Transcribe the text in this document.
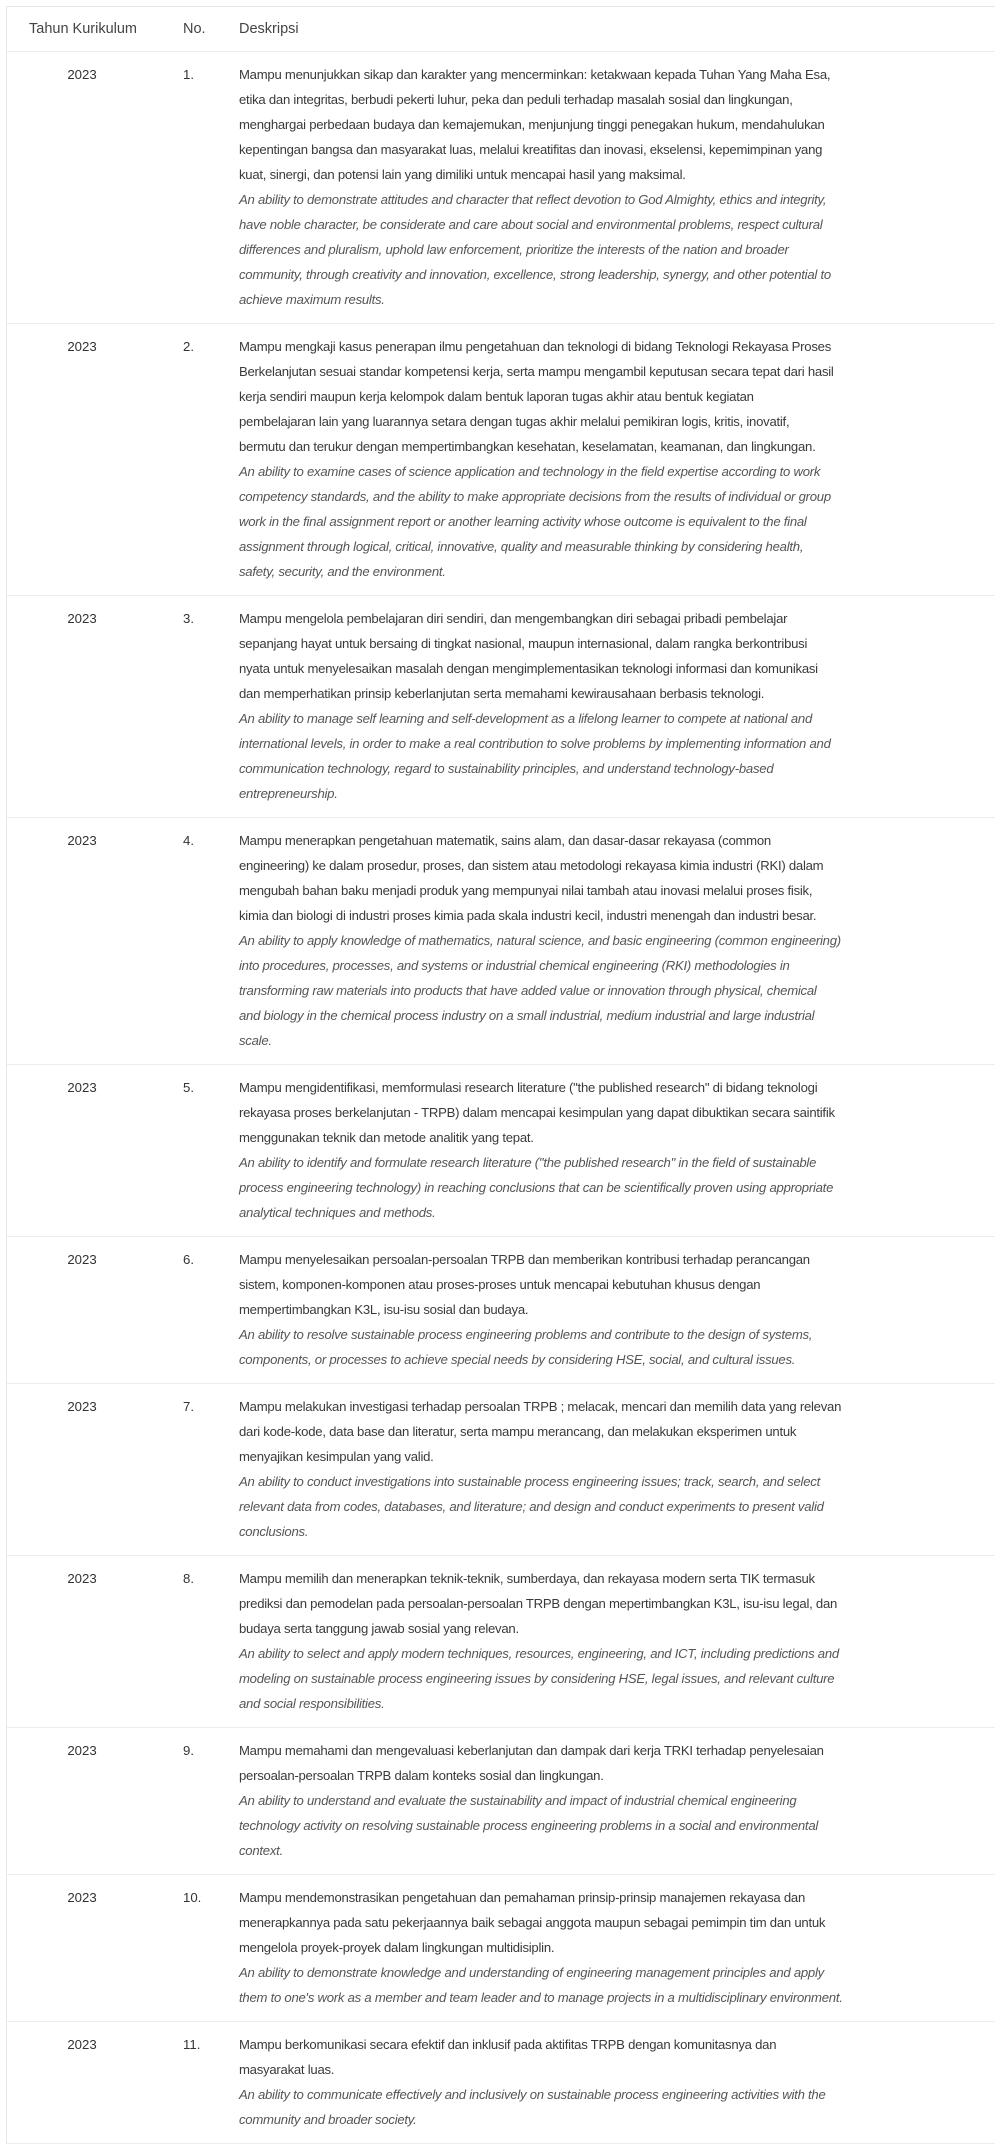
Tahun Kurikulum	No.	Deskripsi
2023	1.	Mampu menunjukkan sikap dan karakter yang mencerminkan: ketakwaan kepada Tuhan Yang Maha Esa,
etika dan integritas, berbudi pekerti luhur, peka dan peduli terhadap masalah sosial dan lingkungan,
menghargai perbedaan budaya dan kemajemukan, menjunjung tinggi penegakan hukum, mendahulukan
kepentingan bangsa dan masyarakat luas, melalui kreatifitas dan inovasi, ekselensi, kepemimpinan yang
kuat, sinergi, dan potensi lain yang dimiliki untuk mencapai hasil yang maksimal.
An ability to demonstrate attitudes and character that reflect devotion to God Almighty, ethics and integrity,
have noble character, be considerate and care about social and environmental problems, respect cultural
differences and pluralism, uphold law enforcement, prioritize the interests of the nation and broader
community, through creativity and innovation, excellence, strong leadership, synergy, and other potential to
achieve maximum results.
2023	2.	Mampu mengkaji kasus penerapan ilmu pengetahuan dan teknologi di bidang Teknologi Rekayasa Proses
Berkelanjutan sesuai standar kompetensi kerja, serta mampu mengambil keputusan secara tepat dari hasil
kerja sendiri maupun kerja kelompok dalam bentuk laporan tugas akhir atau bentuk kegiatan
pembelajaran lain yang luarannya setara dengan tugas akhir melalui pemikiran logis, kritis, inovatif,
bermutu dan terukur dengan mempertimbangkan kesehatan, keselamatan, keamanan, dan lingkungan.
An ability to examine cases of science application and technology in the field expertise according to work
competency standards, and the ability to make appropriate decisions from the results of individual or group
work in the final assignment report or another learning activity whose outcome is equivalent to the final
assignment through logical, critical, innovative, quality and measurable thinking by considering health,
safety, security, and the environment.
2023	3.	Mampu mengelola pembelajaran diri sendiri, dan mengembangkan diri sebagai pribadi pembelajar
sepanjang hayat untuk bersaing di tingkat nasional, maupun internasional, dalam rangka berkontribusi
nyata untuk menyelesaikan masalah dengan mengimplementasikan teknologi informasi dan komunikasi
dan memperhatikan prinsip keberlanjutan serta memahami kewirausahaan berbasis teknologi.
An ability to manage self learning and self-development as a lifelong learner to compete at national and
international levels, in order to make a real contribution to solve problems by implementing information and
communication technology, regard to sustainability principles, and understand technology-based
entrepreneurship.
2023	4.	Mampu menerapkan pengetahuan matematik, sains alam, dan dasar-dasar rekayasa (common
engineering) ke dalam prosedur, proses, dan sistem atau metodologi rekayasa kimia industri (RKI) dalam
mengubah bahan baku menjadi produk yang mempunyai nilai tambah atau inovasi melalui proses fisik,
kimia dan biologi di industri proses kimia pada skala industri kecil, industri menengah dan industri besar.
An ability to apply knowledge of mathematics, natural science, and basic engineering (common engineering)
into procedures, processes, and systems or industrial chemical engineering (RKI) methodologies in
transforming raw materials into products that have added value or innovation through physical, chemical
and biology in the chemical process industry on a small industrial, medium industrial and large industrial
scale.
2023	5.	Mampu mengidentifikasi, memformulasi research literature ("the published research" di bidang teknologi
rekayasa proses berkelanjutan - TRPB) dalam mencapai kesimpulan yang dapat dibuktikan secara saintifik
menggunakan teknik dan metode analitik yang tepat.
An ability to identify and formulate research literature ("the published research" in the field of sustainable
process engineering technology) in reaching conclusions that can be scientifically proven using appropriate
analytical techniques and methods.
2023	6.	Mampu menyelesaikan persoalan-persoalan TRPB dan memberikan kontribusi terhadap perancangan
sistem, komponen-komponen atau proses-proses untuk mencapai kebutuhan khusus dengan
mempertimbangkan K3L, isu-isu sosial dan budaya.
An ability to resolve sustainable process engineering problems and contribute to the design of systems,
components, or processes to achieve special needs by considering HSE, social, and cultural issues.
2023	7.	Mampu melakukan investigasi terhadap persoalan TRPB ; melacak, mencari dan memilih data yang relevan
dari kode-kode, data base dan literatur, serta mampu merancang, dan melakukan eksperimen untuk
menyajikan kesimpulan yang valid.
An ability to conduct investigations into sustainable process engineering issues; track, search, and select
relevant data from codes, databases, and literature; and design and conduct experiments to present valid
conclusions.
2023	8.	Mampu memilih dan menerapkan teknik-teknik, sumberdaya, dan rekayasa modern serta TIK termasuk
prediksi dan pemodelan pada persoalan-persoalan TRPB dengan mepertimbangkan K3L, isu-isu legal, dan
budaya serta tanggung jawab sosial yang relevan.
An ability to select and apply modern techniques, resources, engineering, and ICT, including predictions and
modeling on sustainable process engineering issues by considering HSE, legal issues, and relevant culture
and social responsibilities.
2023	9.	Mampu memahami dan mengevaluasi keberlanjutan dan dampak dari kerja TRKI terhadap penyelesaian
persoalan-persoalan TRPB dalam konteks sosial dan lingkungan.
An ability to understand and evaluate the sustainability and impact of industrial chemical engineering
technology activity on resolving sustainable process engineering problems in a social and environmental
context.
2023	10.	Mampu mendemonstrasikan pengetahuan dan pemahaman prinsip-prinsip manajemen rekayasa dan
menerapkannya pada satu pekerjaannya baik sebagai anggota maupun sebagai pemimpin tim dan untuk
mengelola proyek-proyek dalam lingkungan multidisiplin.
An ability to demonstrate knowledge and understanding of engineering management principles and apply
them to one's work as a member and team leader and to manage projects in a multidisciplinary environment.
2023	11.	Mampu berkomunikasi secara efektif dan inklusif pada aktifitas TRPB dengan komunitasnya dan
masyarakat luas.
An ability to communicate effectively and inclusively on sustainable process engineering activities with the
community and broader society.
